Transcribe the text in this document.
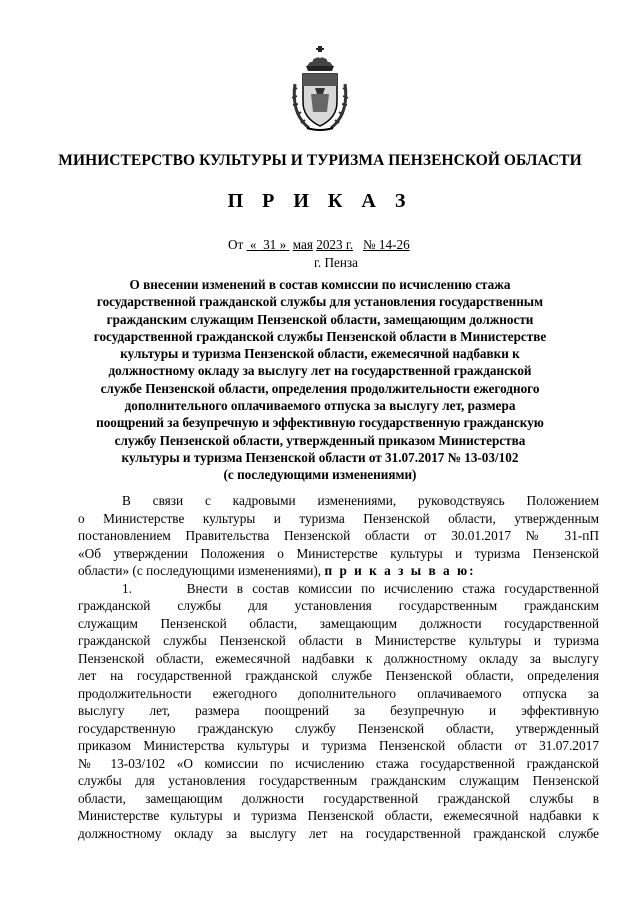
МИНИСТЕРСТВО КУЛЬТУРЫ И ТУРИЗМА ПЕНЗЕНСКОЙ ОБЛАСТИ
П Р И К А З
От « 31 » мая 2023 г. № 14-26
г. Пенза
О внесении изменений в состав комиссии по исчислению стажа
государственной гражданской службы для установления государственным
гражданским служащим Пензенской области, замещающим должности
государственной гражданской службы Пензенской области в Министерстве
культуры и туризма Пензенской области, ежемесячной надбавки к
должностному окладу за выслугу лет на государственной гражданской
службе Пензенской области, определения продолжительности ежегодного
дополнительного оплачиваемого отпуска за выслугу лет, размера
поощрений за безупречную и эффективную государственную гражданскую
службу Пензенской области, утвержденный приказом Министерства
культуры и туризма Пензенской области от 31.07.2017 № 13-03/102
(с последующими изменениями)
В связи с кадровыми изменениями, руководствуясь Положением
о Министерстве культуры и туризма Пензенской области, утвержденным
постановлением Правительства Пензенской области от 30.01.2017 № 31-пП
«Об утверждении Положения о Министерстве культуры и туризма Пензенской
области» (с последующими изменениями), п р и к а з ы в а ю:
1.      Внести в состав комиссии по исчислению стажа государственной
гражданской службы для установления государственным гражданским
служащим Пензенской области, замещающим должности государственной
гражданской службы Пензенской области в Министерстве культуры и туризма
Пензенской области, ежемесячной надбавки к должностному окладу за выслугу
лет на государственной гражданской службе Пензенской области, определения
продолжительности ежегодного дополнительного оплачиваемого отпуска за
выслугу лет, размера поощрений за безупречную и эффективную
государственную гражданскую службу Пензенской области, утвержденный
приказом Министерства культуры и туризма Пензенской области от 31.07.2017
№ 13-03/102 «О комиссии по исчислению стажа государственной гражданской
службы для установления государственным гражданским служащим Пензенской
области, замещающим должности государственной гражданской службы в
Министерстве культуры и туризма Пензенской области, ежемесячной надбавки к
должностному окладу за выслугу лет на государственной гражданской службе
